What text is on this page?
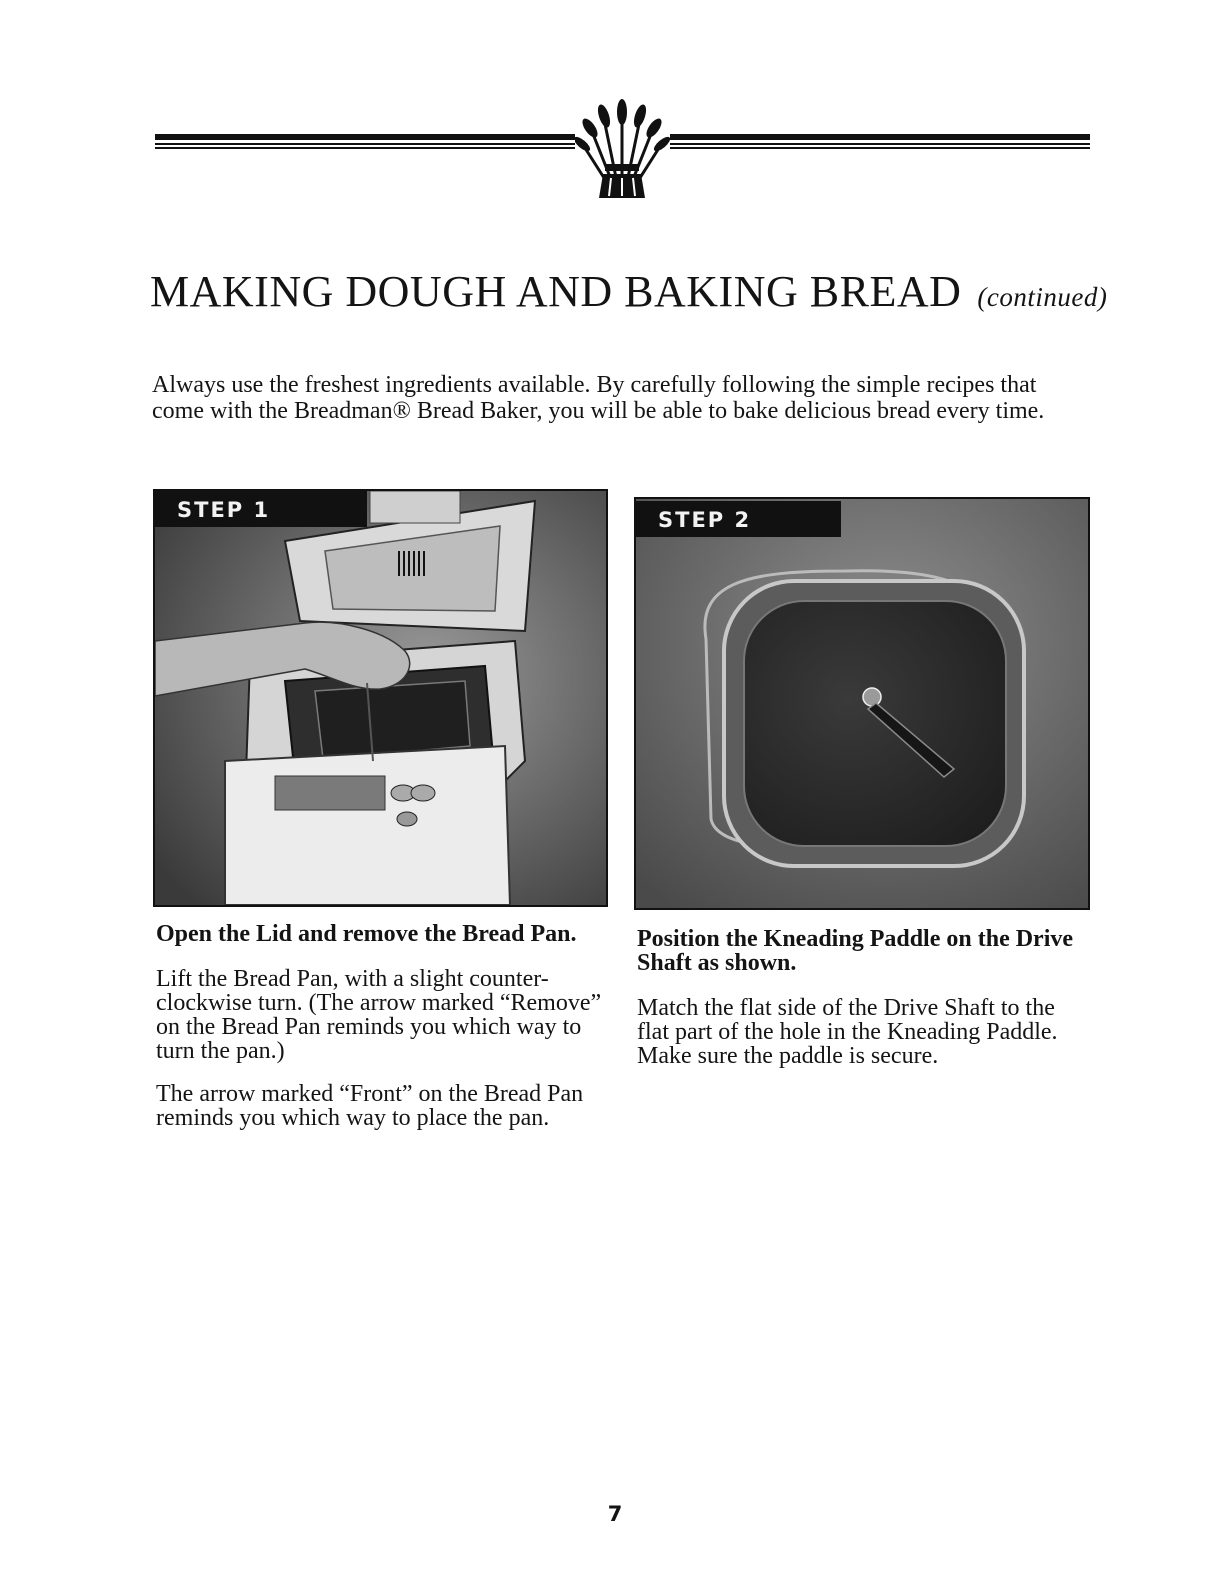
MAKING DOUGH AND BAKING BREAD (continued)

Always use the freshest ingredients available. By carefully following the simple recipes that come with the Breadman® Bread Baker, you will be able to bake delicious bread every time.

STEP 1	STEP 2
Open the Lid and remove the Bread Pan.

Lift the Bread Pan, with a slight counter-clockwise turn. (The arrow marked “Remove” on the Bread Pan reminds you which way to turn the pan.)

The arrow marked “Front” on the Bread Pan reminds you which way to place the pan.

Position the Kneading Paddle on the Drive Shaft as shown.

Match the flat side of the Drive Shaft to the flat part of the hole in the Kneading Paddle. Make sure the paddle is secure.

7
